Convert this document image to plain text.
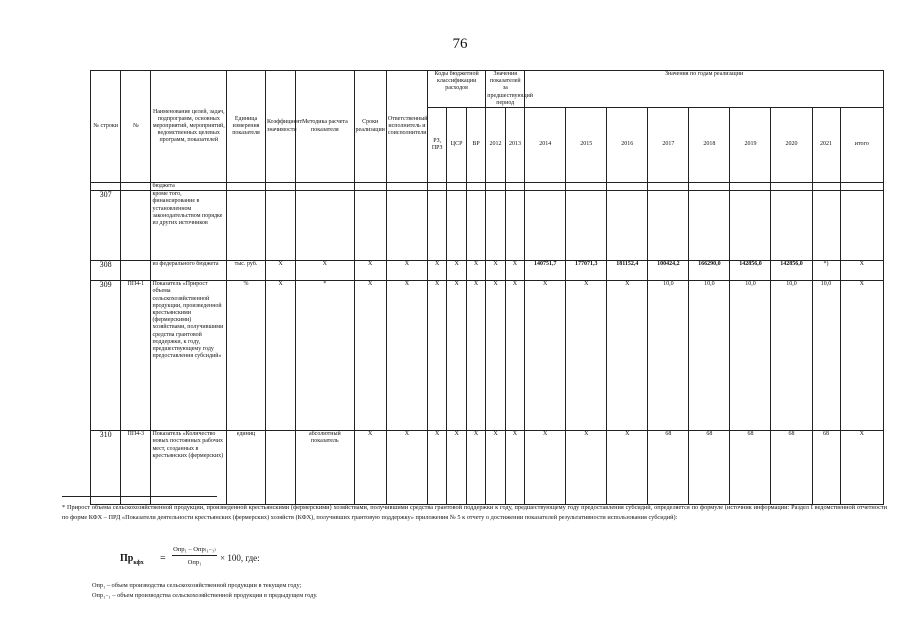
76
№ строки	№	Наименование целей, задач, подпрограмм, основных мероприятий, мероприятий, ведомственных целевых программ, показателей	Единица измерения показателя	Коэффициент значимости	Методика расчета показателя	Сроки реализации	Ответственный исполнитель и соисполнители	Коды бюджетной классификации расходов			Значения показателей за предшествующий период		Значения по годам реализации								
								РЗ, ПРЗ	ЦСР	ВР	2012	2013	2014	2015	2016	2017	2018	2019	2020	2021	итого
		бюджета																			
307		кроме того, финансирование в установленном законодательством порядке из других источников																			
308		из федерального бюджета	тыс. руб.	Х	Х	Х	Х	Х	Х	Х	Х	Х	140751,7	177071,3	181152,4	100424,2	166290,0	142856,0	142856,0	*)	Х
309	ПП4-1	Показатель «Прирост объема сельскохозяйственной продукции, произведенной крестьянскими (фермерскими) хозяйствами, получившими средства грантовой поддержки, к году, предшествующему году предоставления субсидий»	%	Х	*	Х	Х	Х	Х	Х	Х	Х	Х	Х	Х	10,0	10,0	10,0	10,0	10,0	Х
310	ПП4-3	Показатель «Количество новых постоянных рабочих мест, созданных в крестьянских (фермерских)	единиц		абсолютный показатель	Х	Х	Х	Х	Х	Х	Х	Х	Х	Х	68	68	68	68	68	Х
* Прирост объема сельскохозяйственной продукции, произведенной крестьянскими (фермерскими) хозяйствами, получившими средства грантовой поддержки к году, предшествующему году предоставления субсидий, определяется по формуле (источник информации: Раздел I ведомственной отчетности по форме КФХ – ПРД «Показатели деятельности крестьянских (фермерских) хозяйств (КФХ), получивших грантовую поддержку» приложения № 5 к отчету о достижении показателей результативности использования субсидий):
$Пр_{кфх}$ =
Опр₁ – Опр₍₁₋₁₎
Опр₁	× 100, где:
Опр₁ – объем производства сельскохозяйственной продукции в текущем году;
Опр₁₋₁ – объем производства сельскохозяйственной продукции в предыдущем году.
